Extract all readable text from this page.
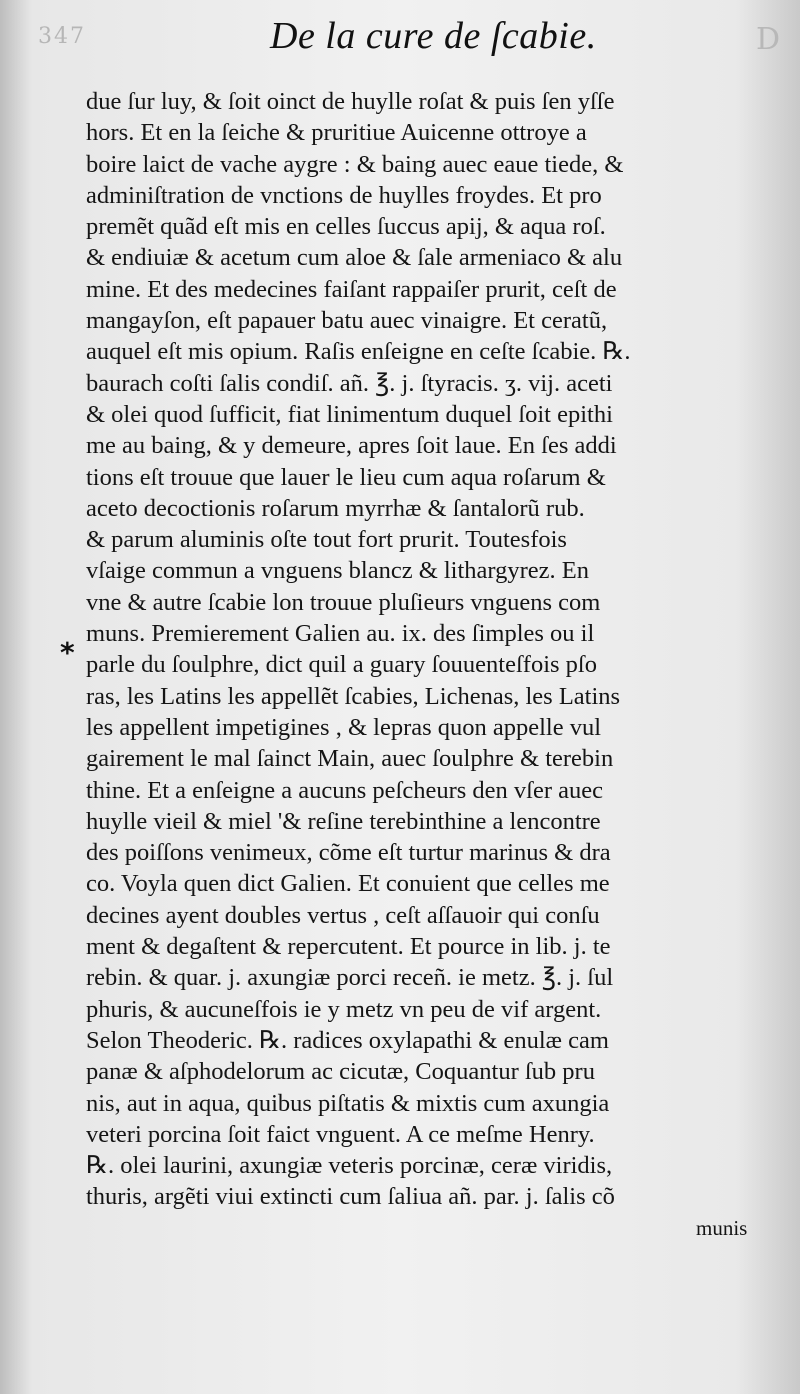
347	D
De la cure de ſcabie.
*
due ſur luy, & ſoit oinct de huylle roſat & puis ſen yſſe
hors. Et en la ſeiche & pruritiue Auicenne ottroye a
boire laict de vache aygre : & baing auec eaue tiede, &
adminiſtration de vnctions de huylles froydes. Et pro
premẽt quãd eſt mis en celles ſuccus apij, & aqua roſ.
& endiuiæ & acetum cum aloe & ſale armeniaco & alu
mine. Et des medecines faiſant rappaiſer prurit, ceſt de
mangayſon, eſt papauer batu auec vinaigre. Et ceratũ,
auquel eſt mis opium. Raſis enſeigne en ceſte ſcabie. ℞.
baurach coſti ſalis condiſ. añ. ℥. j. ſtyracis. ʒ. vij. aceti
& olei quod ſufficit, fiat linimentum duquel ſoit epithi
me au baing, & y demeure, apres ſoit laue. En ſes addi
tions eſt trouue que lauer le lieu cum aqua roſarum &
aceto decoctionis roſarum myrrhæ & ſantalorũ rub.
& parum aluminis oſte tout fort prurit. Toutesfois
vſaige commun a vnguens blancz & lithargyrez. En
vne & autre ſcabie lon trouue pluſieurs vnguens com
muns. Premierement Galien au. ix. des ſimples ou il
parle du ſoulphre, dict quil a guary ſouuenteſfois pſo
ras, les Latins les appellẽt ſcabies, Lichenas, les Latins
les appellent impetigines , & lepras quon appelle vul
gairement le mal ſainct Main, auec ſoulphre & terebin
thine. Et a enſeigne a aucuns peſcheurs den vſer auec
huylle vieil & miel '& reſine terebinthine a lencontre
des poiſſons venimeux, cõme eſt turtur marinus & dra
co. Voyla quen dict Galien. Et conuient que celles me
decines ayent doubles vertus , ceſt aſſauoir qui conſu
ment & degaſtent & repercutent. Et pource in lib. j. te
rebin. & quar. j. axungiæ porci receñ. ie metz. ℥. j. ſul
phuris, & aucuneſfois ie y metz vn peu de vif argent.
Selon Theoderic. ℞. radices oxylapathi & enulæ cam
panæ & aſphodelorum ac cicutæ, Coquantur ſub pru
nis, aut in aqua, quibus piſtatis & mixtis cum axungia
veteri porcina ſoit faict vnguent. A ce meſme Henry.
℞. olei laurini, axungiæ veteris porcinæ, ceræ viridis,
thuris, argẽti viui extincti cum ſaliua añ. par. j. ſalis cõ
munis
